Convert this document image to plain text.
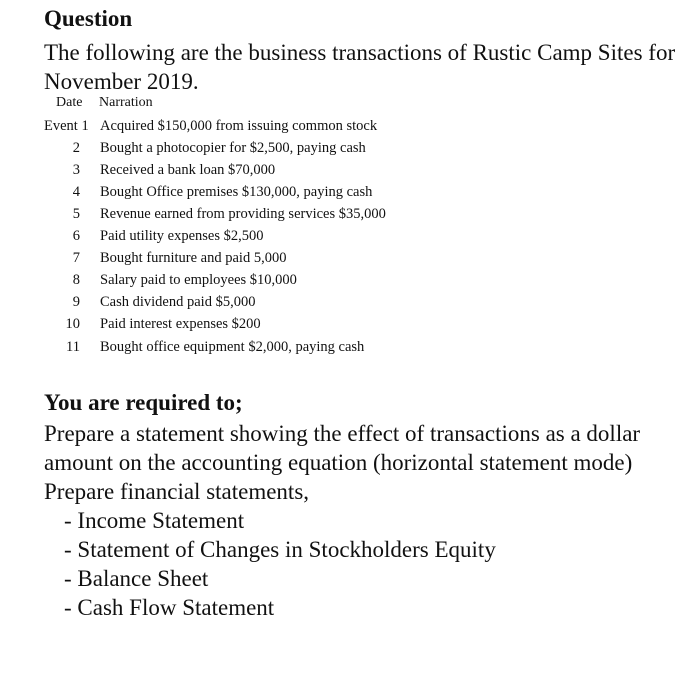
Question
The following are the business transactions of Rustic Camp Sites for November 2019.
Date Narration
Event 1 Acquired $150,000 from issuing common stock
2 Bought a photocopier for $2,500, paying cash
3 Received a bank loan $70,000
4 Bought Office premises $130,000, paying cash
5 Revenue earned from providing services $35,000
6 Paid utility expenses $2,500
7 Bought furniture and paid 5,000
8 Salary paid to employees $10,000
9 Cash dividend paid $5,000
10 Paid interest expenses $200
11 Bought office equipment $2,000, paying cash
You are required to;

Prepare a statement showing the effect of transactions as a dollar amount on the accounting equation (horizontal statement mode)

Prepare financial statements,

- Income Statement
- Statement of Changes in Stockholders Equity
- Balance Sheet
- Cash Flow Statement
